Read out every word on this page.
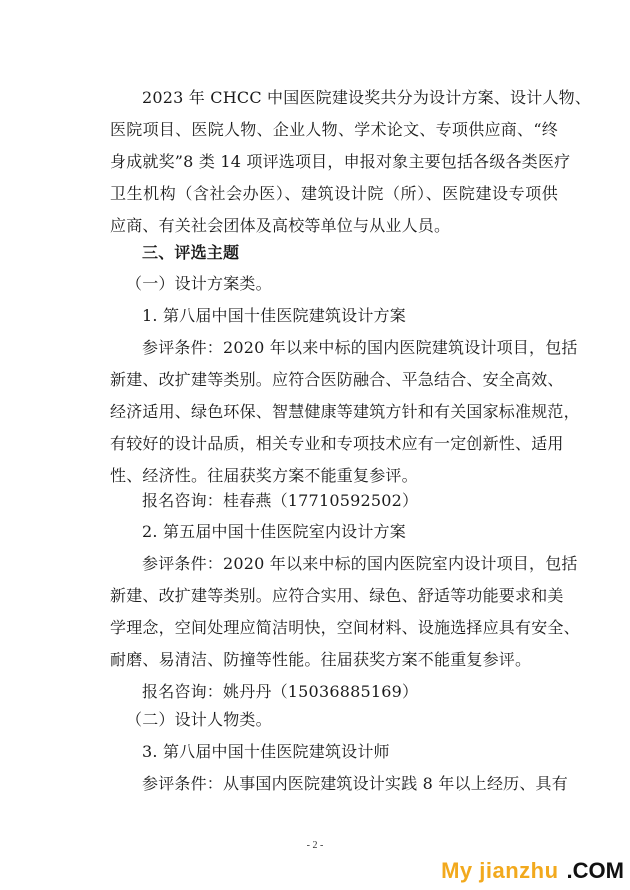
2023 年 CHCC 中国医院建设奖共分为设计方案、设计人物、
医院项目、医院人物、企业人物、学术论文、专项供应商、“终
身成就奖”8 类 14 项评选项目，申报对象主要包括各级各类医疗
卫生机构（含社会办医）、建筑设计院（所）、医院建设专项供
应商、有关社会团体及高校等单位与从业人员。
三、评选主题
（一）设计方案类。
1. 第八届中国十佳医院建筑设计方案
参评条件：2020 年以来中标的国内医院建筑设计项目，包括
新建、改扩建等类别。应符合医防融合、平急结合、安全高效、
经济适用、绿色环保、智慧健康等建筑方针和有关国家标准规范，
有较好的设计品质，相关专业和专项技术应有一定创新性、适用
性、经济性。往届获奖方案不能重复参评。
报名咨询：桂春燕（17710592502）
2. 第五届中国十佳医院室内设计方案
参评条件：2020 年以来中标的国内医院室内设计项目，包括
新建、改扩建等类别。应符合实用、绿色、舒适等功能要求和美
学理念，空间处理应简洁明快，空间材料、设施选择应具有安全、
耐磨、易清洁、防撞等性能。往届获奖方案不能重复参评。
报名咨询：姚丹丹（15036885169）
（二）设计人物类。
3. 第八届中国十佳医院建筑设计师
参评条件：从事国内医院建筑设计实践 8 年以上经历、具有
- 2 -
My jianzhu .COM
